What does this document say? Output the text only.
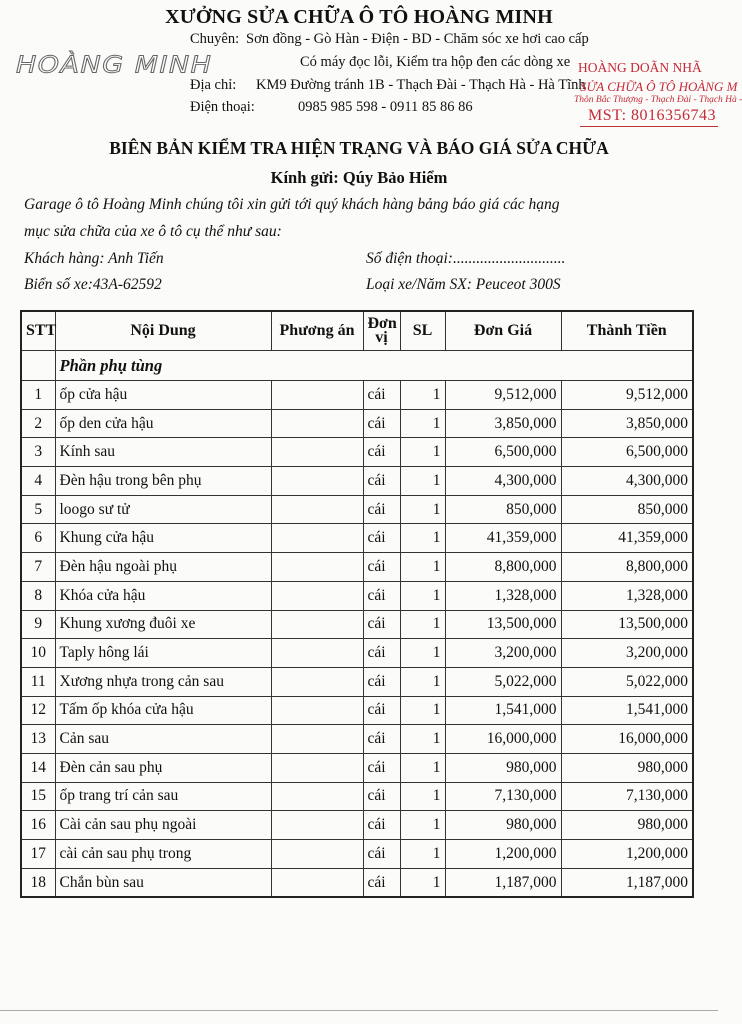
XƯỞNG SỬA CHỮA Ô TÔ HOÀNG MINH
HOÀNG MINH
Chuyên: Sơn đồng - Gò Hàn - Điện - BD - Chăm sóc xe hơi cao cấp
Có máy đọc lỗi, Kiểm tra hộp đen các dòng xe
Địa chỉ: KM9 Đường tránh 1B - Thạch Đài - Thạch Hà - Hà Tĩnh
Điện thoại:	0985 985 598 - 0911 85 86 86
HOÀNG DOÃN NHÃ
SỬA CHỮA Ô TÔ HOÀNG M
Thôn Bắc Thượng - Thạch Đài - Thạch Hà -
MST: 8016356743
BIÊN BẢN KIỂM TRA HIỆN TRẠNG VÀ BÁO GIÁ SỬA CHỮA
Kính gửi: Qúy Bảo Hiểm
Garage ô tô Hoàng Minh chúng tôi xin gửi tới quý khách hàng bảng báo giá các hạng
mục sửa chữa của xe ô tô cụ thể như sau:
Khách hàng: Anh Tiến	Số điện thoại:.............................
Biển số xe:43A-62592	Loại xe/Năm SX: Peuceot 300S
STT	Nội Dung	Phương án	Đơn
vị	SL	Đơn Giá	Thành Tiền
	Phần phụ tùng					
1	ốp cửa hậu		cái	1	9,512,000	9,512,000
2	ốp den cửa hậu		cái	1	3,850,000	3,850,000
3	Kính sau		cái	1	6,500,000	6,500,000
4	Đèn hậu trong bên phụ		cái	1	4,300,000	4,300,000
5	loogo sư tử		cái	1	850,000	850,000
6	Khung cửa hậu		cái	1	41,359,000	41,359,000
7	Đèn hậu ngoài phụ		cái	1	8,800,000	8,800,000
8	Khóa cửa hậu		cái	1	1,328,000	1,328,000
9	Khung xương đuôi xe		cái	1	13,500,000	13,500,000
10	Taply hông lái		cái	1	3,200,000	3,200,000
11	Xương nhựa trong cản sau		cái	1	5,022,000	5,022,000
12	Tấm ốp khóa cửa hậu		cái	1	1,541,000	1,541,000
13	Cản sau		cái	1	16,000,000	16,000,000
14	Đèn cản sau phụ		cái	1	980,000	980,000
15	ốp trang trí cản sau		cái	1	7,130,000	7,130,000
16	Cài cản sau phụ ngoài		cái	1	980,000	980,000
17	cài cản sau phụ trong		cái	1	1,200,000	1,200,000
18	Chắn bùn sau		cái	1	1,187,000	1,187,000
